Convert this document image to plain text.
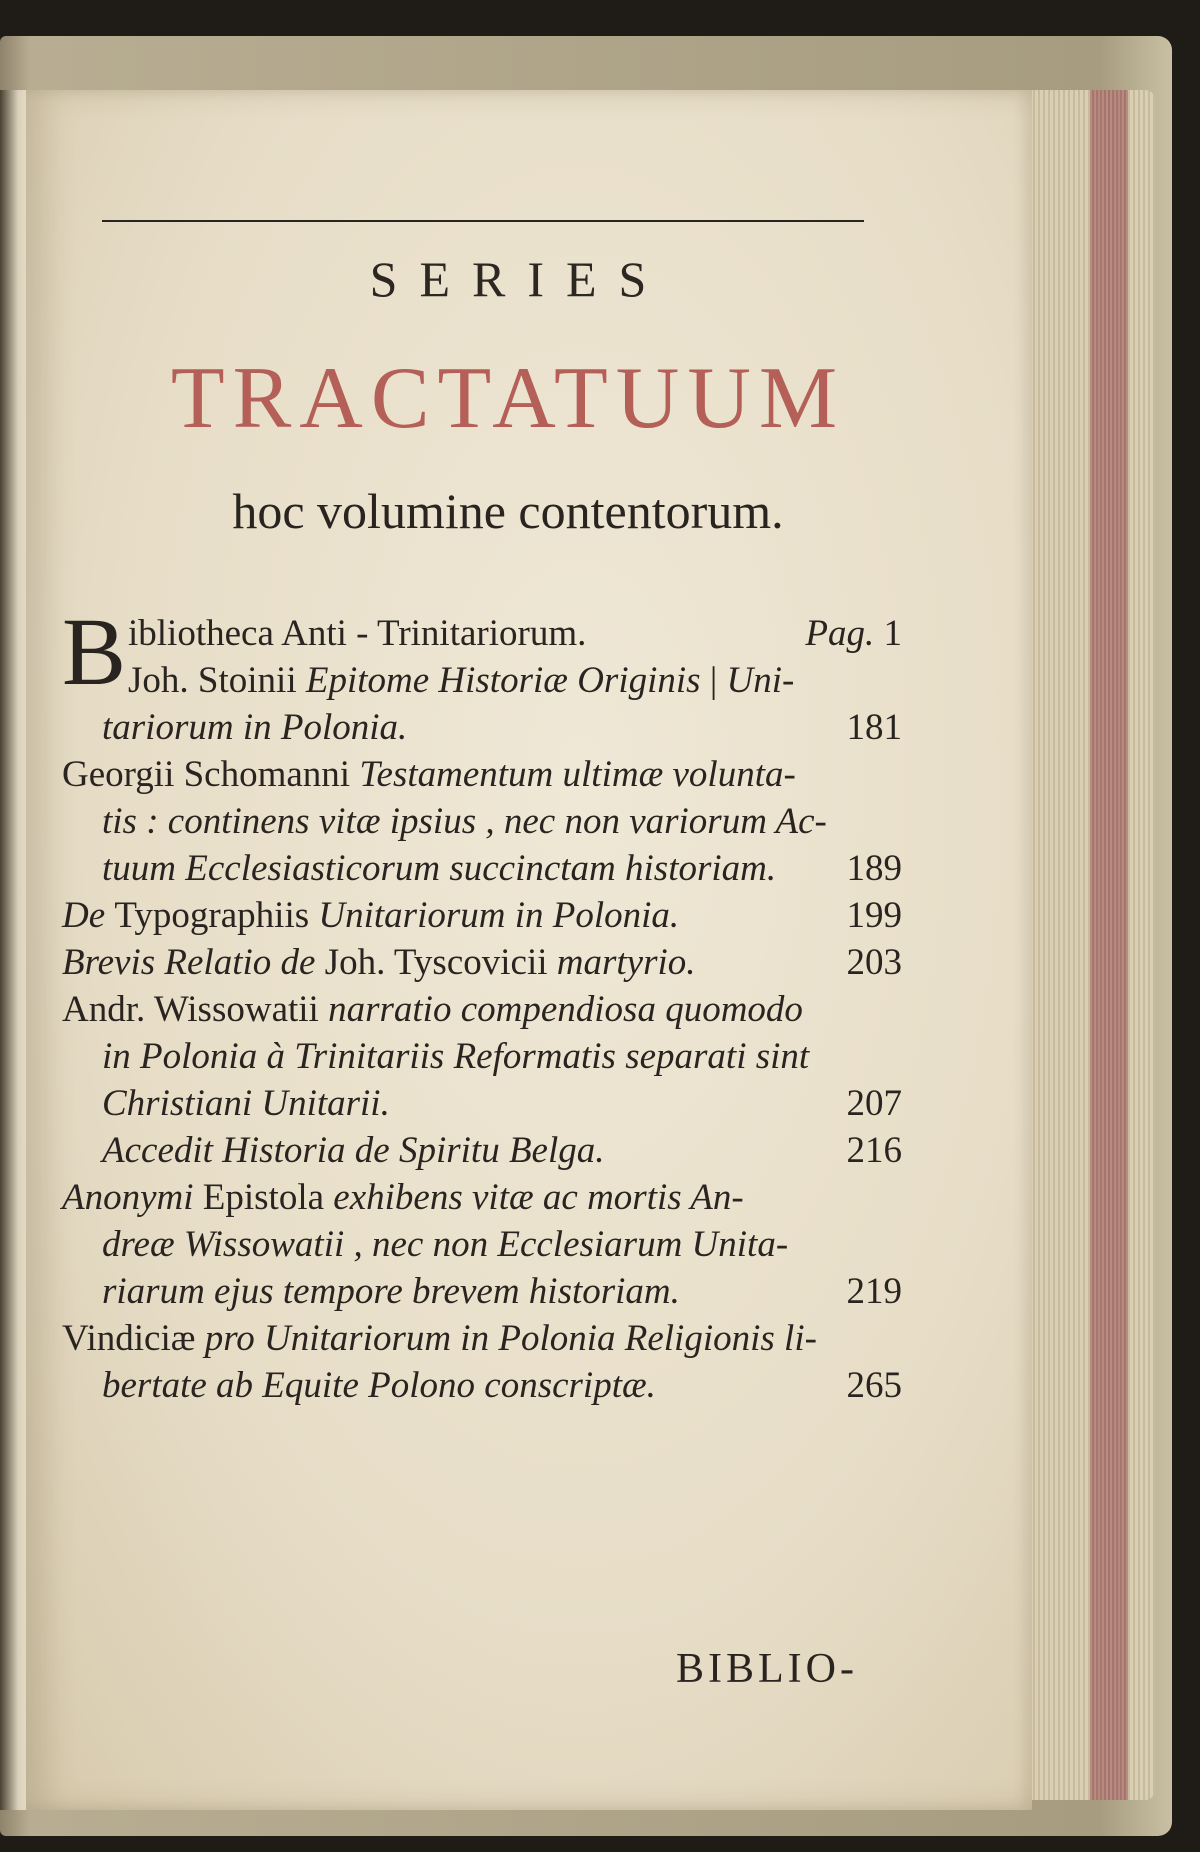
SERIES
TRACTATUUM
hoc volumine contentorum.
B ibliotheca Anti - Trinitariorum.	Pag. 1
Joh. Stoinii Epitome Historiæ Originis | Uni-
tariorum in Polonia.	181
Georgii Schomanni Testamentum ultimæ volunta-
tis : continens vitæ ipsius , nec non variorum Ac-
tuum Ecclesiasticorum succinctam historiam. 189
De Typographiis Unitariorum in Polonia.	199
Brevis Relatio de Joh. Tyscovicii martyrio.	203
Andr. Wissowatii narratio compendiosa quomodo
in Polonia à Trinitariis Reformatis separati sint
Christiani Unitarii.	207
Accedit Historia de Spiritu Belga.	216
Anonymi Epistola exhibens vitæ ac mortis An-
dreæ Wissowatii , nec non Ecclesiarum Unita-
riarum ejus tempore brevem historiam.	219
Vindiciæ pro Unitariorum in Polonia Religionis li-
bertate ab Equite Polono conscriptæ.	265
BIBLIO-
